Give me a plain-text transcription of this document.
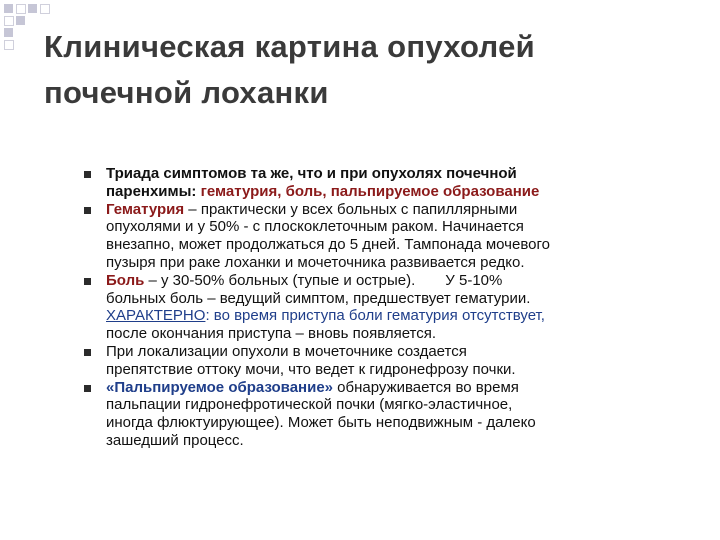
Клиническая картина опухолей
почечной лоханки
Триада симптомов та же, что и при опухолях почечной
паренхимы: гематурия, боль, пальпируемое образование
Гематурия – практически у всех больных с папиллярными
опухолями и у 50% - с плоскоклеточным раком. Начинается
внезапно, может продолжаться до 5 дней. Тампонада мочевого
пузыря при раке лоханки и мочеточника развивается редко.
Боль – у 30-50% больных (тупые и острые). У 5-10%
больных боль – ведущий симптом, предшествует гематурии.
ХАРАКТЕРНО: во время приступа боли гематурия отсутствует,
после окончания приступа – вновь появляется.
При локализации опухоли в мочеточнике создается
препятствие оттоку мочи, что ведет к гидронефрозу почки.
«Пальпируемое образование» обнаруживается во время
пальпации гидронефротической почки (мягко-эластичное,
иногда флюктуирующее). Может быть неподвижным - далеко
зашедший процесс.
